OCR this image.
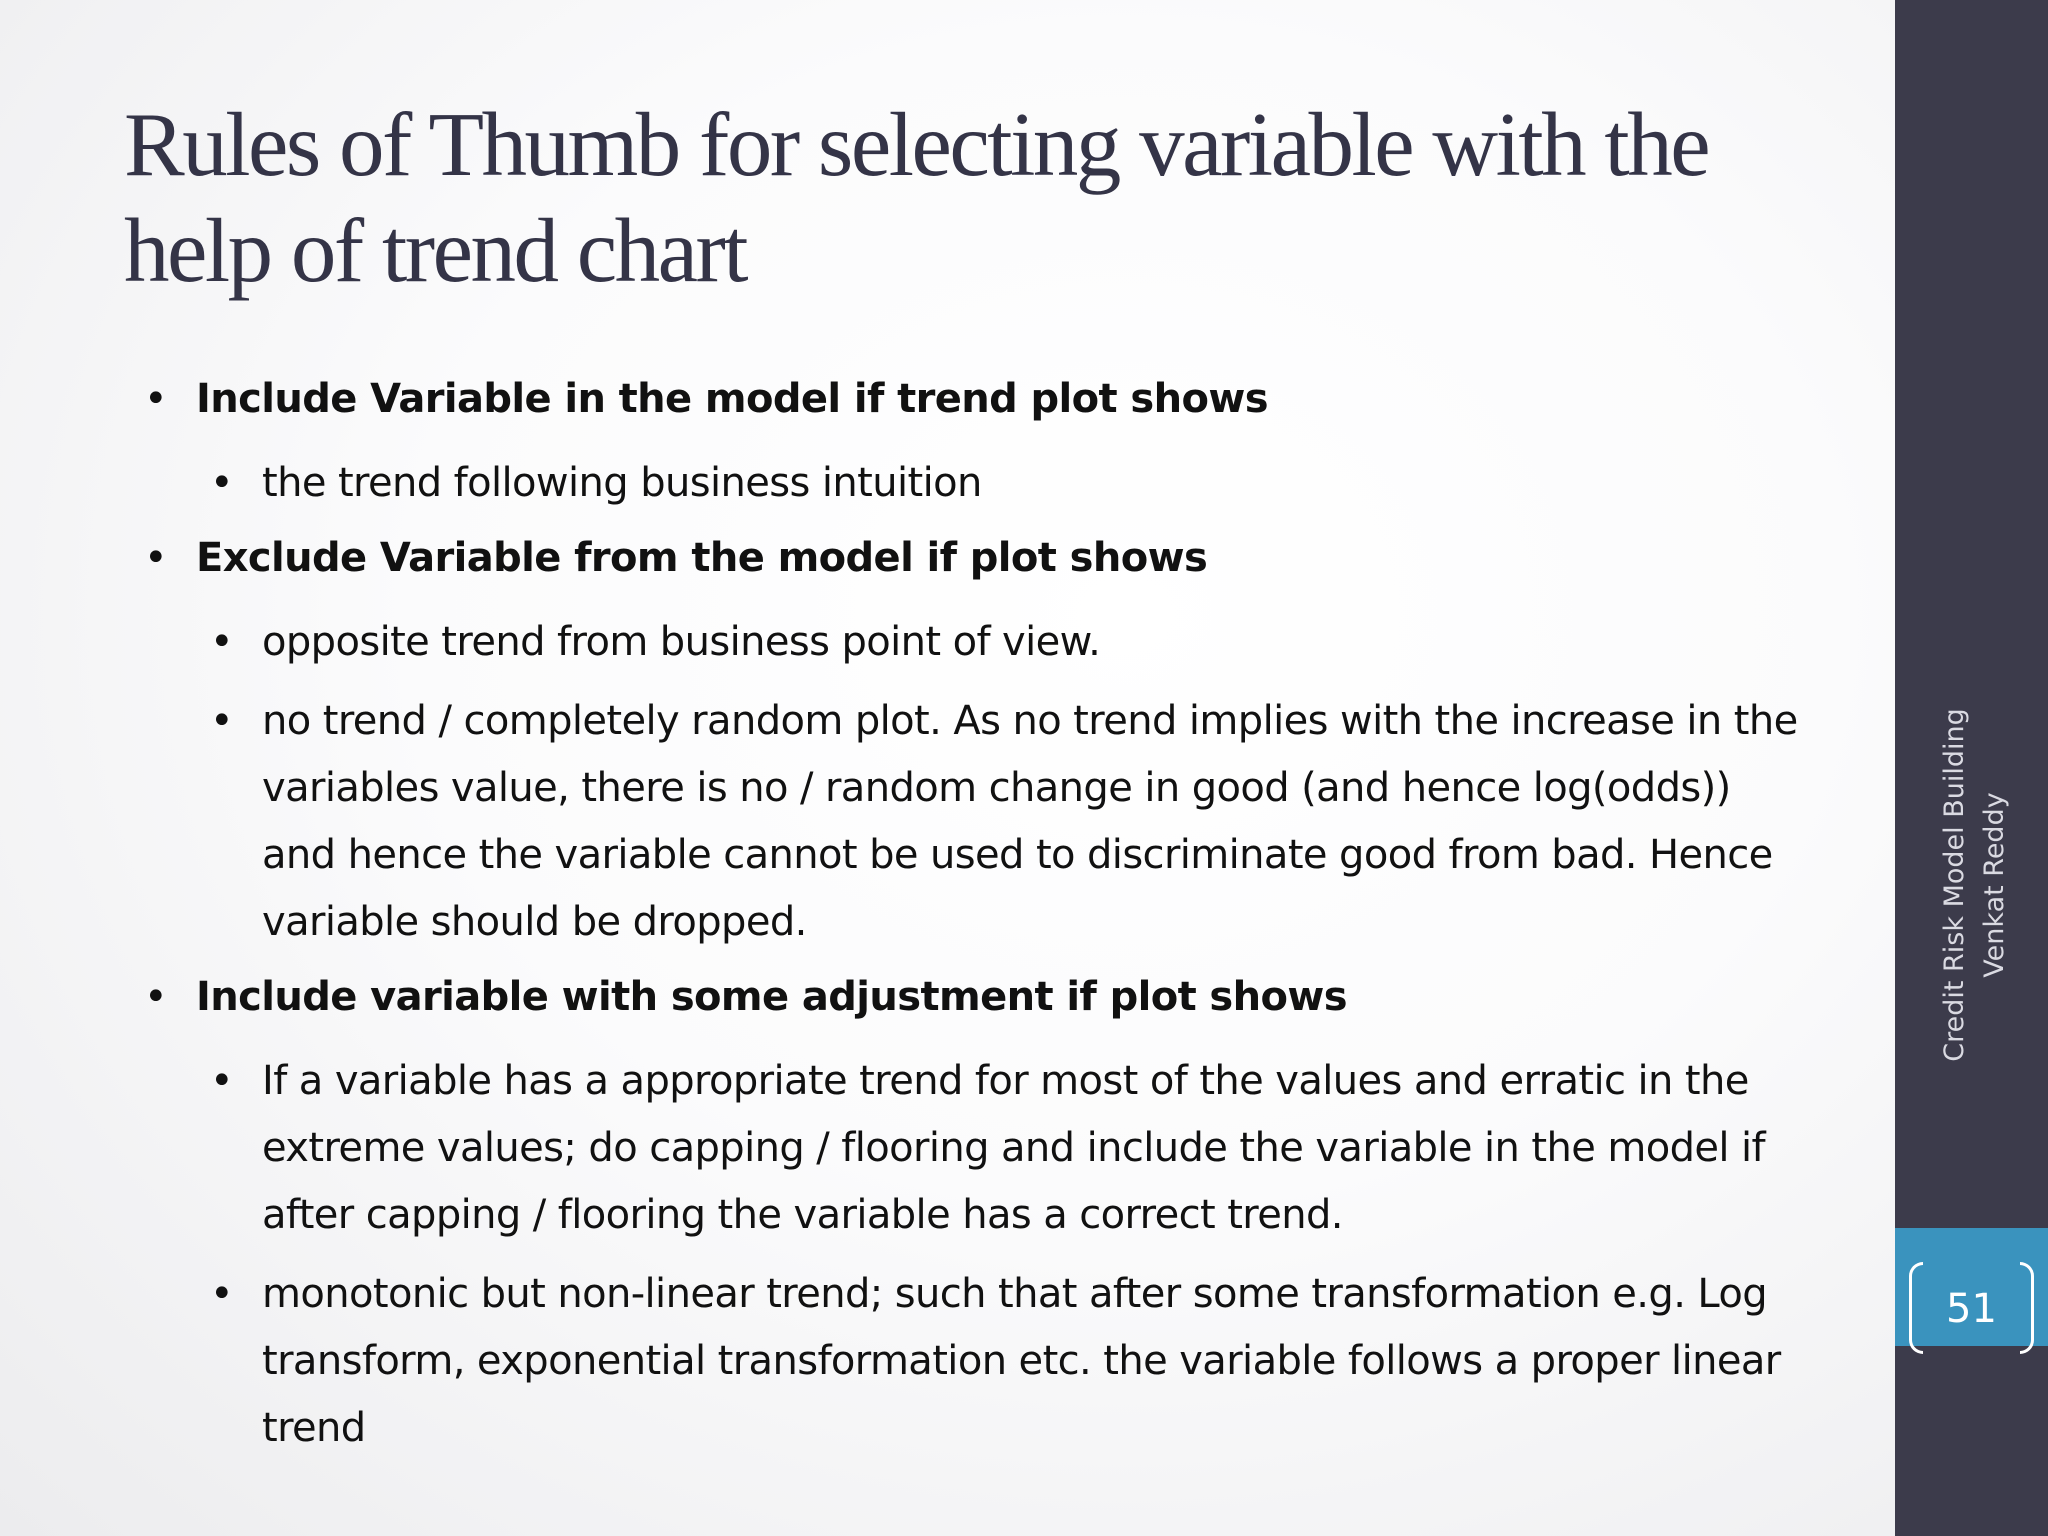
Rules of Thumb for selecting variable with the help of trend chart
• Include Variable in the model if trend plot shows
• the trend following business intuition
• Exclude Variable from the model if plot shows
• opposite trend from business point of view.
• no trend / completely random plot. As no trend implies with the increase in the variables value, there is no / random change in good (and hence log(odds)) and hence the variable cannot be used to discriminate good from bad. Hence variable should be dropped.
• Include variable with some adjustment if plot shows
• If a variable has a appropriate trend for most of the values and erratic in the extreme values; do capping / flooring and include the variable in the model if after capping / flooring the variable has a correct trend.
• monotonic but non-linear trend; such that after some transformation e.g. Log transform, exponential transformation etc. the variable follows a proper linear trend
51
Credit Risk Model Building Venkat Reddy
